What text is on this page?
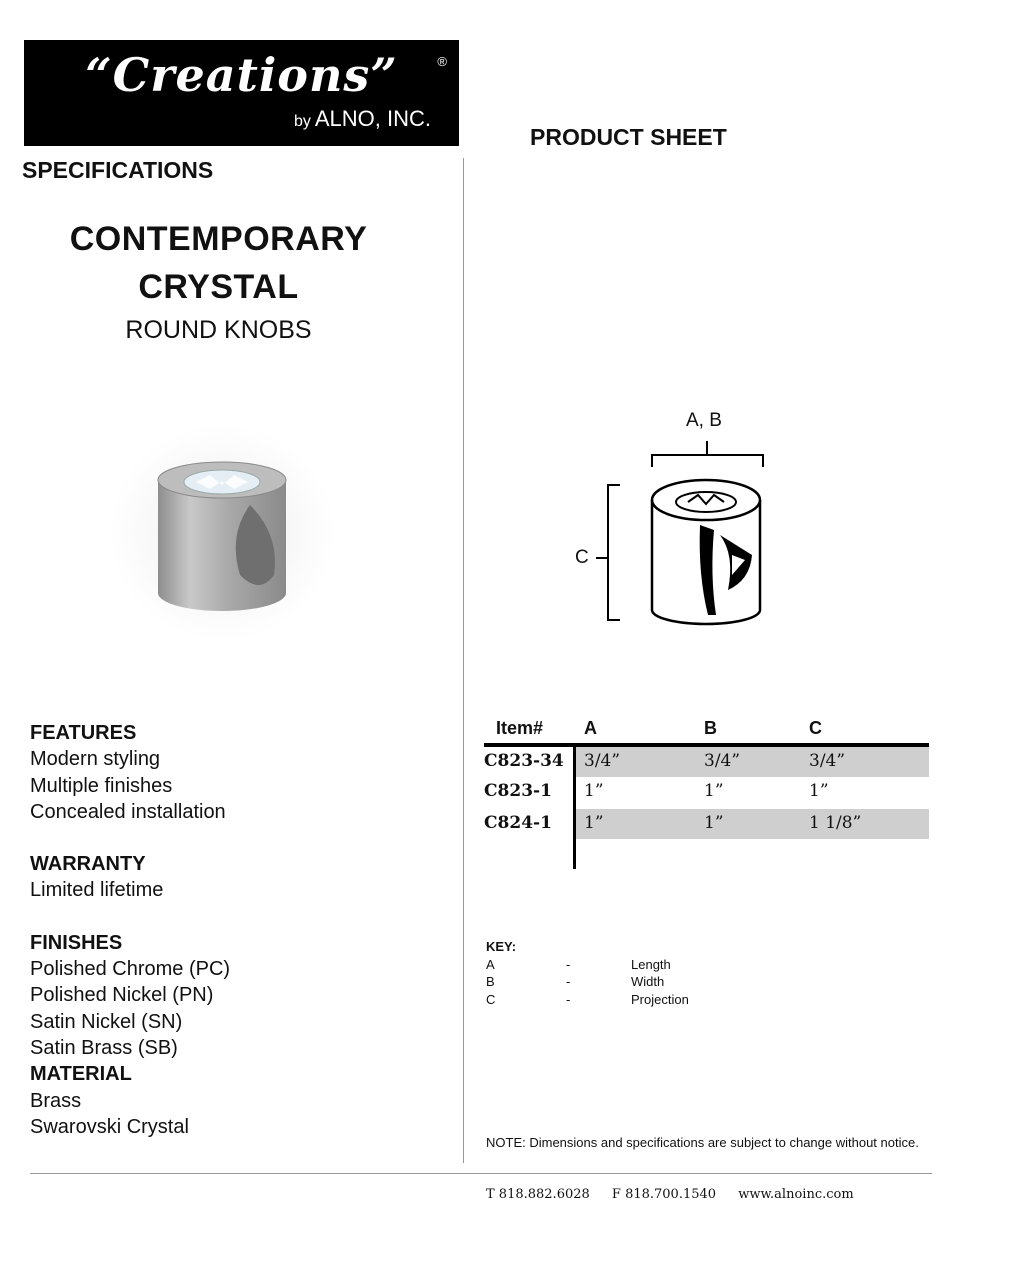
“Creations”	®
by ALNO, INC.
PRODUCT SHEET
SPECIFICATIONS
CONTEMPORARY
CRYSTAL
ROUND KNOBS
A, B
C
FEATURES
Modern styling
Multiple finishes
Concealed installation
WARRANTY
Limited lifetime
FINISHES
Polished Chrome (PC)
Polished Nickel (PN)
Satin Nickel (SN)
Satin Brass (SB)
MATERIAL
Brass
Swarovski Crystal
Item# A	B	C
C823-34 3/4”	3/4”	3/4”
C823-1 1”	1”	1”
C824-1 1”	1”	1 1/8”
KEY:
A	-	Length
B	-	Width
C	-	Projection
NOTE: Dimensions and specifications are subject to change without notice.
T 818.882.6028 F 818.700.1540 www.alnoinc.com
